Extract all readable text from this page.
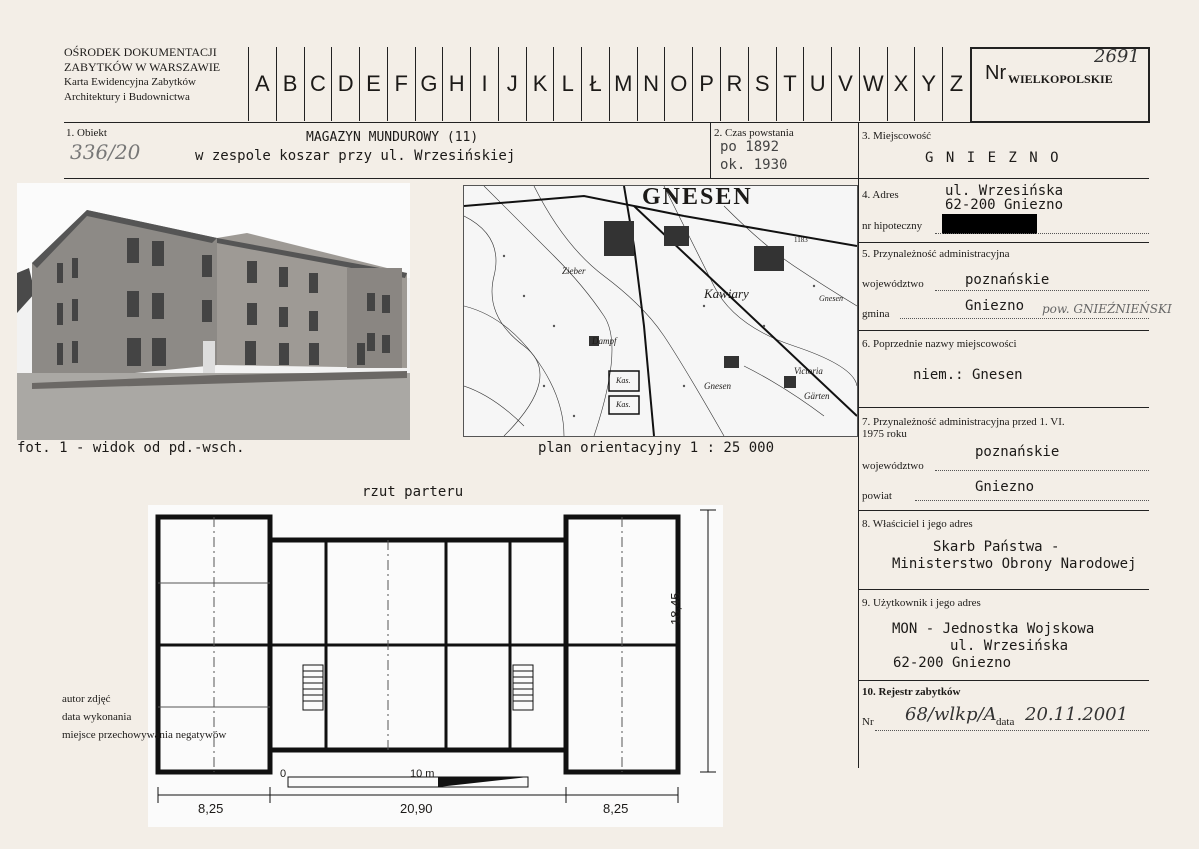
OŚRODEK DOKUMENTACJI
ZABYTKÓW W WARSZAWIE
Karta Ewidencyjna Zabytków
Architektury i Budownictwa
A B C D E F G H I J K L Ł M N O P R S T U V W X Y Z	Nr WIELKOPOLSKIE
2691
1. Obiekt
336/20
MAGAZYN MUNDUROWY (11)
w zespole koszar przy ul. Wrzesińskiej
2. Czas powstania
po 1892
ok. 1930
3. Miejscowość
G N I E Z N O
fot. 1 - widok od pd.-wsch.
GNESEN
Zieber
Dampf
Kas.
Kas.
Kawiary	Gnesen
Victoria
Gnesen
Gärten
1183
plan orientacyjny 1 : 25 000
4. Adres	ul. Wrzesińska
62-200 Gniezno
nr hipoteczny
5. Przynależność administracyjna
województwo	poznańskie
gmina	Gniezno pow. GNIEŹNIEŃSKI
6. Poprzednie nazwy miejscowości
niem.: Gnesen
7. Przynależność administracyjna przed 1. VI.
1975 roku
województwo
poznańskie
powiat
Gniezno
8. Właściciel i jego adres
Skarb Państwa -
Ministerstwo Obrony Narodowej
9. Użytkownik i jego adres
MON - Jednostka Wojskowa
ul. Wrzesińska
62-200 Gniezno
10. Rejestr zabytków
Nr 68/wlkp/A data 20.11.2001
rzut parteru
18,45
8,25	20,90	8,25
0	10 m
autor zdjęć
data wykonania
miejsce przechowywania negatywów
